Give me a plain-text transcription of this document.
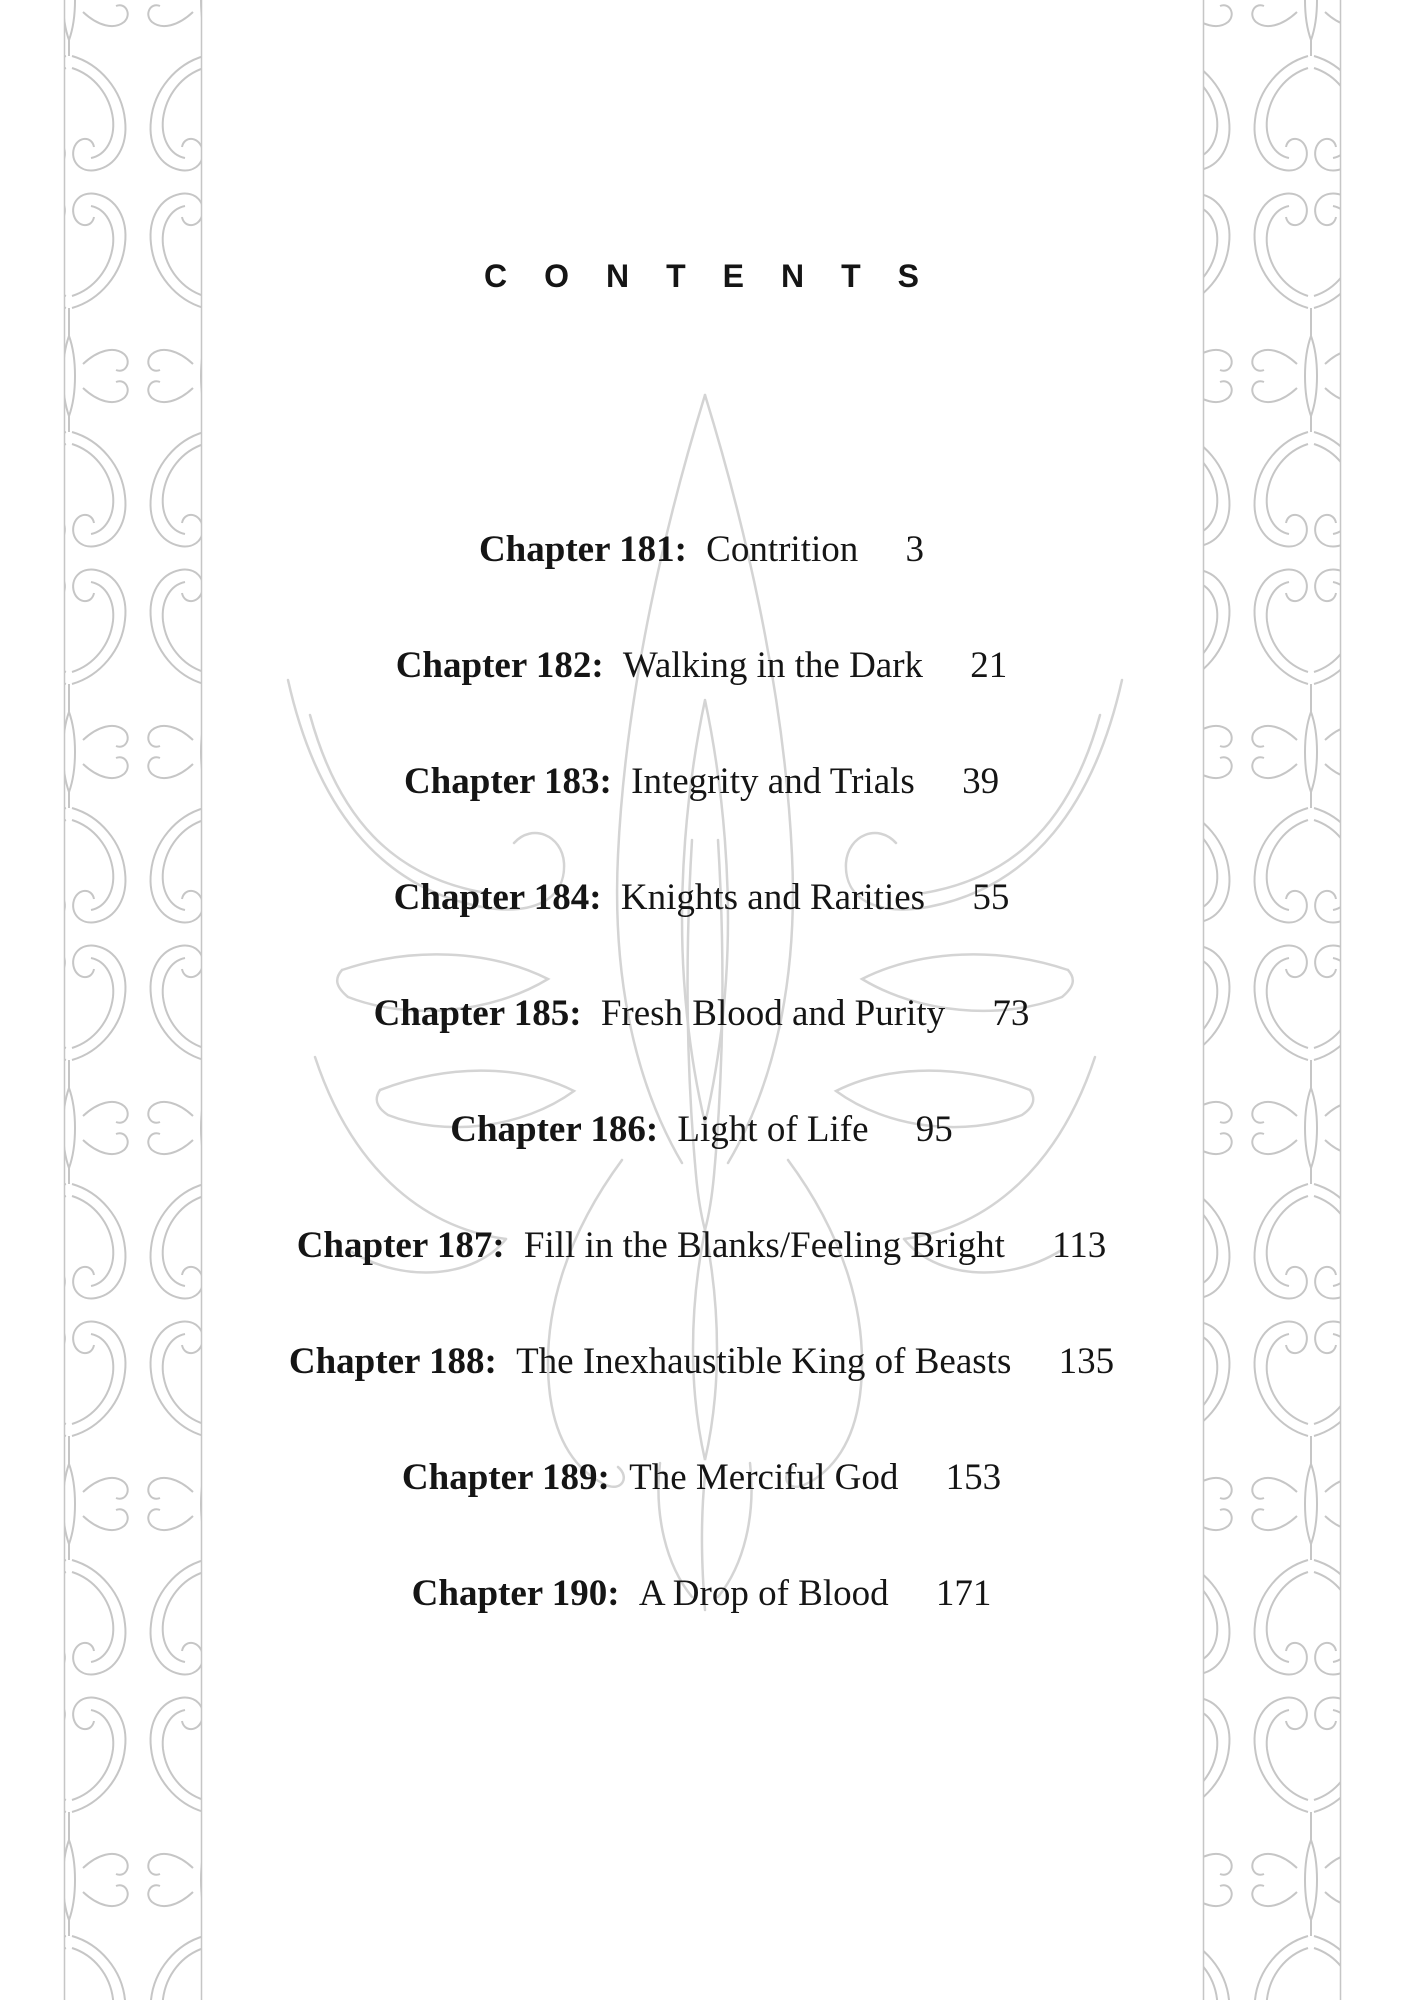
CONTENTS
Chapter 181: Contrition 3
Chapter 182: Walking in the Dark 21
Chapter 183: Integrity and Trials 39
Chapter 184: Knights and Rarities 55
Chapter 185: Fresh Blood and Purity 73
Chapter 186: Light of Life 95
Chapter 187: Fill in the Blanks/Feeling Bright 113
Chapter 188: The Inexhaustible King of Beasts 135
Chapter 189: The Merciful God 153
Chapter 190: A Drop of Blood 171
